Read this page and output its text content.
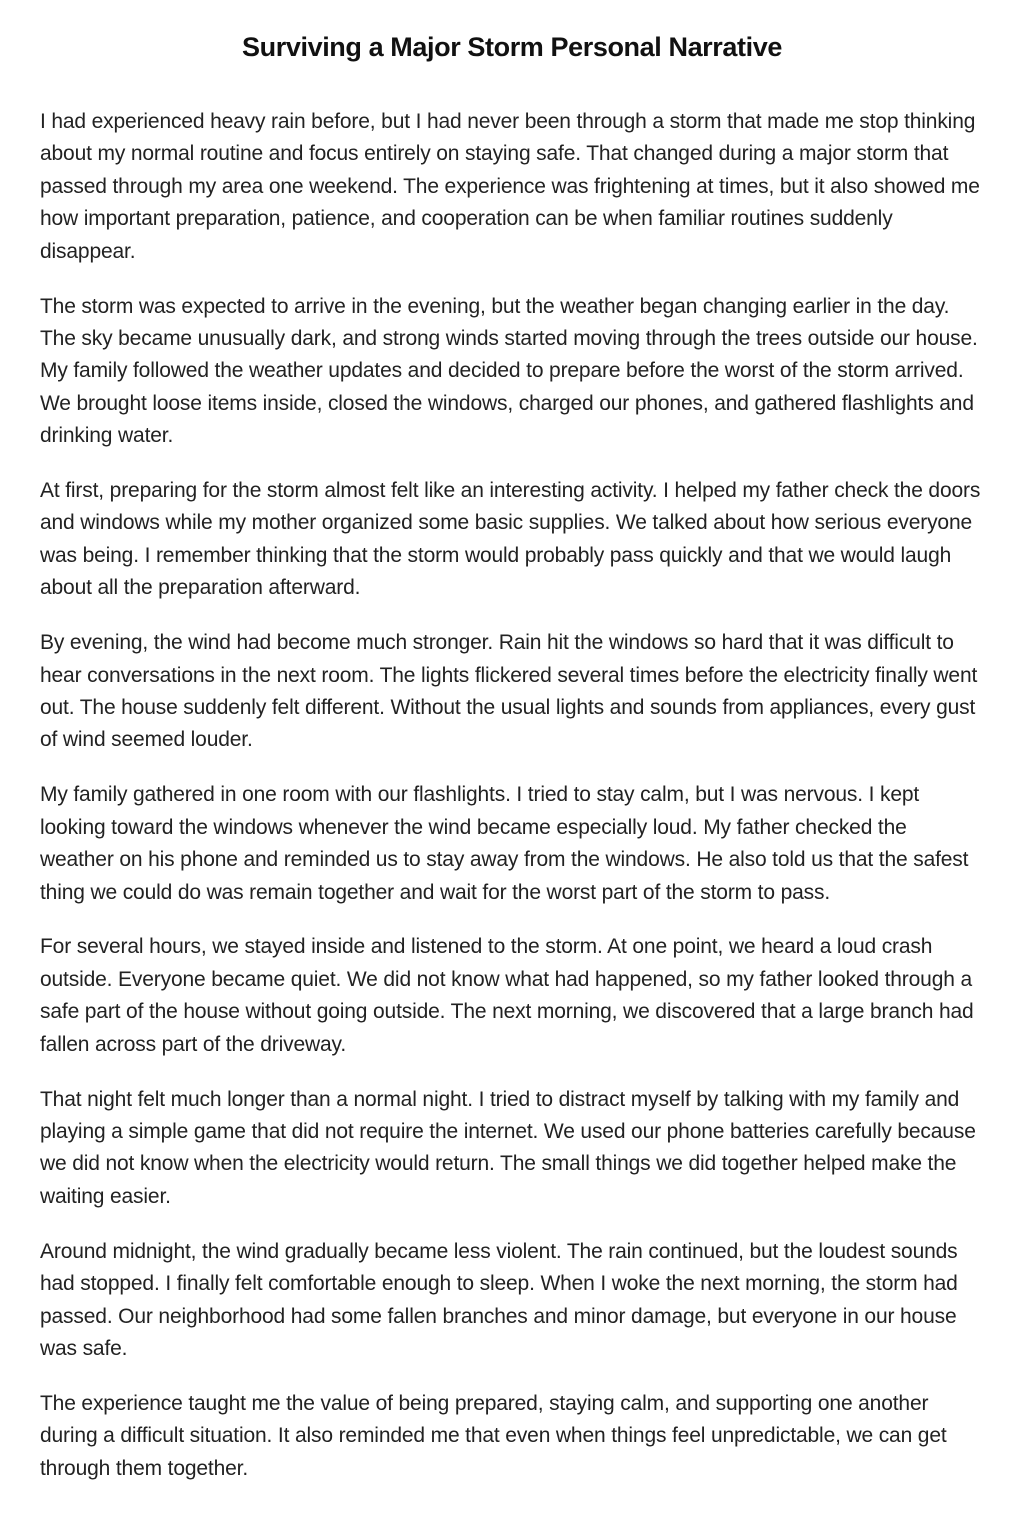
Surviving a Major Storm Personal Narrative

I had experienced heavy rain before, but I had never been through a storm that made me stop thinking about my normal routine and focus entirely on staying safe. That changed during a major storm that passed through my area one weekend. The experience was frightening at times, but it also showed me how important preparation, patience, and cooperation can be when familiar routines suddenly disappear.

The storm was expected to arrive in the evening, but the weather began changing earlier in the day. The sky became unusually dark, and strong winds started moving through the trees outside our house. My family followed the weather updates and decided to prepare before the worst of the storm arrived. We brought loose items inside, closed the windows, charged our phones, and gathered flashlights and drinking water.

At first, preparing for the storm almost felt like an interesting activity. I helped my father check the doors and windows while my mother organized some basic supplies. We talked about how serious everyone was being. I remember thinking that the storm would probably pass quickly and that we would laugh about all the preparation afterward.

By evening, the wind had become much stronger. Rain hit the windows so hard that it was difficult to hear conversations in the next room. The lights flickered several times before the electricity finally went out. The house suddenly felt different. Without the usual lights and sounds from appliances, every gust of wind seemed louder.

My family gathered in one room with our flashlights. I tried to stay calm, but I was nervous. I kept looking toward the windows whenever the wind became especially loud. My father checked the weather on his phone and reminded us to stay away from the windows. He also told us that the safest thing we could do was remain together and wait for the worst part of the storm to pass.

For several hours, we stayed inside and listened to the storm. At one point, we heard a loud crash outside. Everyone became quiet. We did not know what had happened, so my father looked through a safe part of the house without going outside. The next morning, we discovered that a large branch had fallen across part of the driveway.

That night felt much longer than a normal night. I tried to distract myself by talking with my family and playing a simple game that did not require the internet. We used our phone batteries carefully because we did not know when the electricity would return. The small things we did together helped make the waiting easier.

Around midnight, the wind gradually became less violent. The rain continued, but the loudest sounds had stopped. I finally felt comfortable enough to sleep. When I woke the next morning, the storm had passed. Our neighborhood had some fallen branches and minor damage, but everyone in our house was safe.

The experience taught me the value of being prepared, staying calm, and supporting one another during a difficult situation. It also reminded me that even when things feel unpredictable, we can get through them together.
